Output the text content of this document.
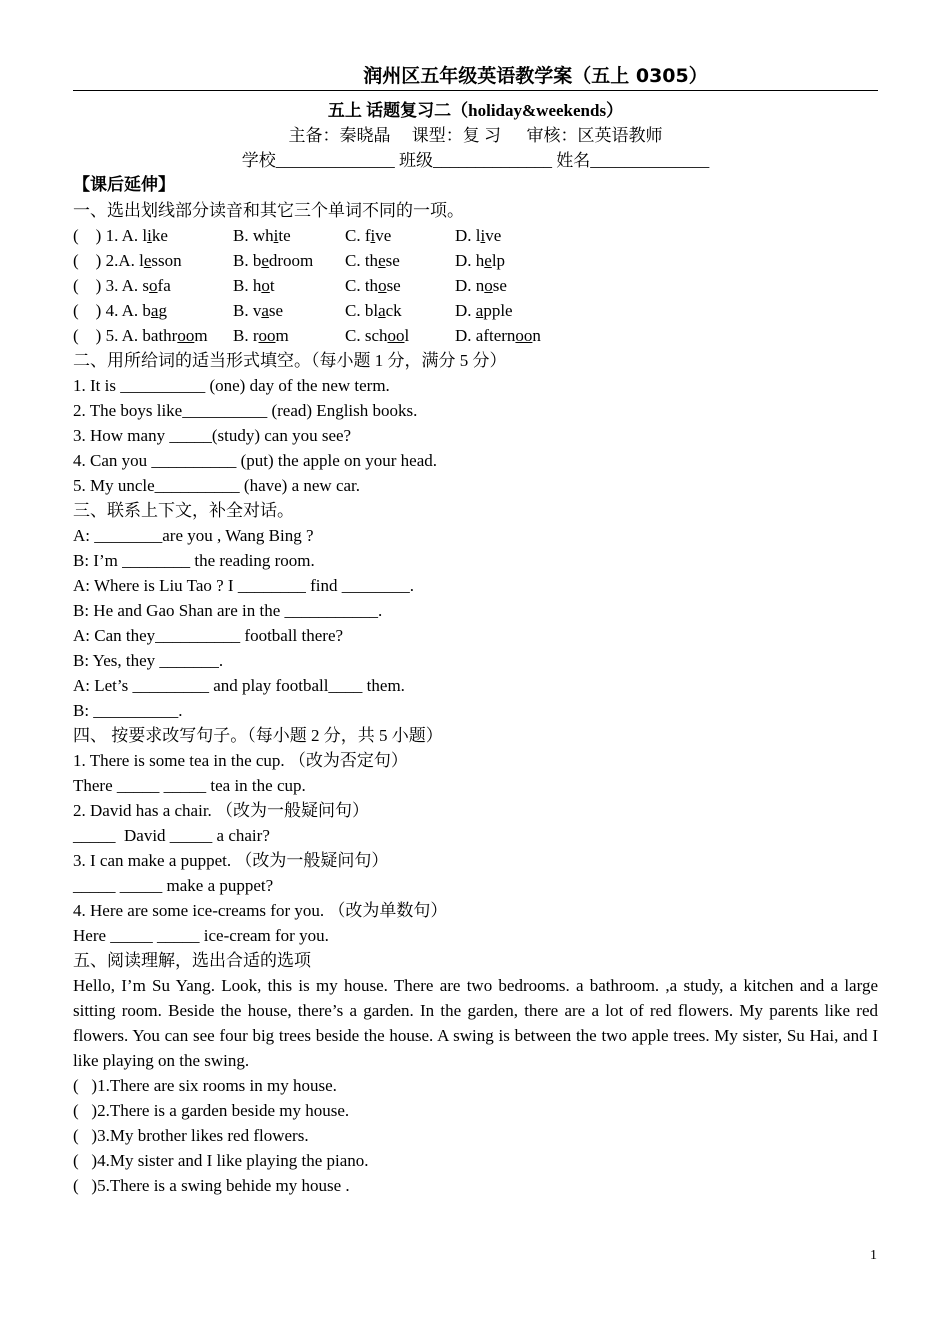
润州区五年级英语教学案（五上 0305）
五上 话题复习二（holiday&weekends）
主备：秦晓晶     课型：复 习      审核：区英语教师
学校______________ 班级______________ 姓名______________
【课后延伸】
一、选出划线部分读音和其它三个单词不同的一项。
(    ) 1. A. like	B. white	C. five	D. live
(    ) 2.A. lesson	B. bedroom C. these	D. help
(    ) 3. A. sofa	B. hot	C. those	D. nose
(    ) 4. A. bag	B. vase	C. black	D. apple
(    ) 5. A. bathroom B. room	C. school	D. afternoon
二、用所给词的适当形式填空。（每小题 1 分，满分 5 分）
1. It is __________ (one) day of the new term.
2. The boys like__________ (read) English books.
3. How many _____(study) can you see?
4. Can you __________ (put) the apple on your head.
5. My uncle__________ (have) a new car.
三、联系上下文，补全对话。
A: ________are you , Wang Bing ?
B: I’m ________ the reading room.
A: Where is Liu Tao ? I ________ find ________.
B: He and Gao Shan are in the ___________.
A: Can they__________ football there?
B: Yes, they _______.
A: Let’s _________ and play football____ them.
B: __________.
四、 按要求改写句子。（每小题 2 分，共 5 小题）
1. There is some tea in the cup. （改为否定句）
There _____ _____ tea in the cup.
2. David has a chair. （改为一般疑问句）
_____  David _____ a chair?
3. I can make a puppet. （改为一般疑问句）
_____ _____ make a puppet?
4. Here are some ice-creams for you. （改为单数句）
Here _____ _____ ice-cream for you.
五、阅读理解，选出合适的选项
Hello, I’m Su Yang. Look, this is my house. There are two bedrooms. a bathroom. ,a study, a kitchen and a large sitting room. Beside the house, there’s a garden. In the garden, there are a lot of red flowers. My parents like red flowers. You can see four big trees beside the house. A swing is between the two apple trees. My sister, Su Hai, and I like playing on the swing.
(   )1.There are six rooms in my house.
(   )2.There is a garden beside my house.
(   )3.My brother likes red flowers.
(   )4.My sister and I like playing the piano.
(   )5.There is a swing behide my house .
1
